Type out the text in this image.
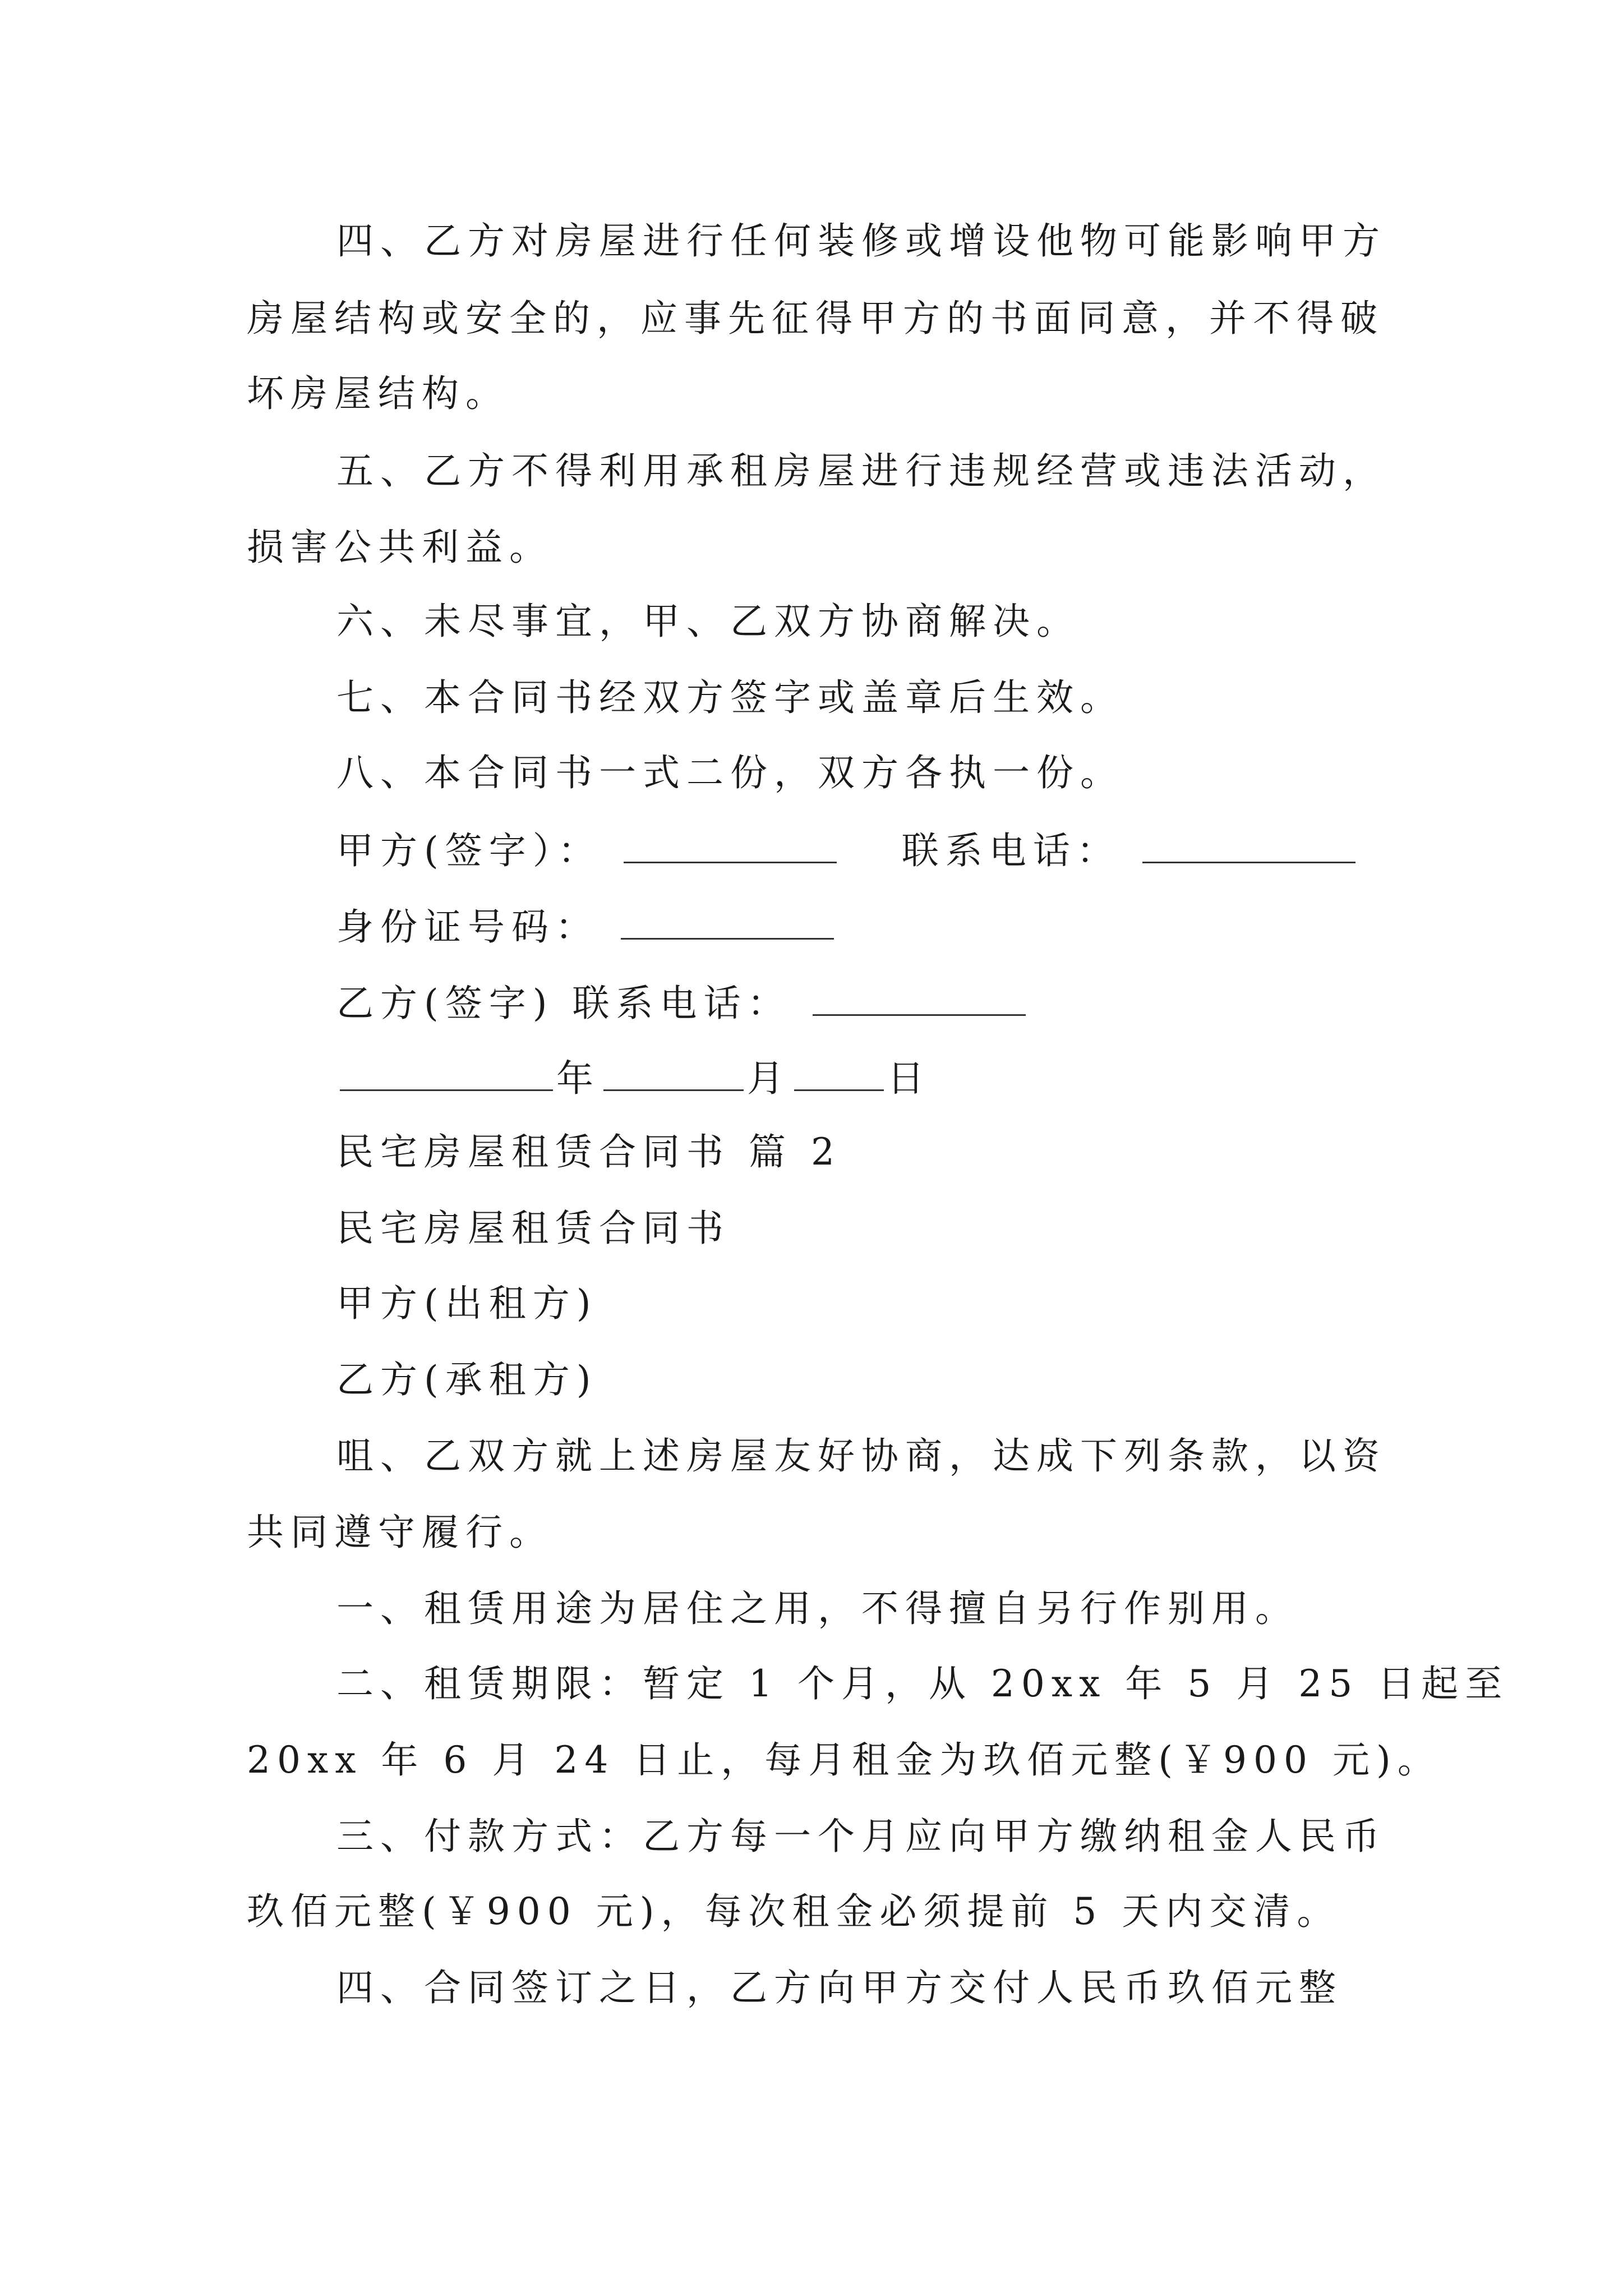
四、乙方对房屋进行任何装修或增设他物可能影响甲方
房屋结构或安全的，应事先征得甲方的书面同意，并不得破
坏房屋结构。
五、乙方不得利用承租房屋进行违规经营或违法活动，
损害公共利益。
六、未尽事宜，甲、乙双方协商解决。
七、本合同书经双方签字或盖章后生效。
八、本合同书一式二份，双方各执一份。
甲方(签字）：	联系电话：
身份证号码：
乙方(签字) 联系电话：
年	月	日
民宅房屋租赁合同书 篇 2
民宅房屋租赁合同书
甲方(出租方)
乙方(承租方)
咀、乙双方就上述房屋友好协商，达成下列条款，以资
共同遵守履行。
一、租赁用途为居住之用，不得擅自另行作别用。
二、租赁期限：暂定 1 个月，从 20xx 年 5 月 25 日起至
20xx 年 6 月 24 日止，每月租金为玖佰元整(￥900 元)。
三、付款方式：乙方每一个月应向甲方缴纳租金人民币
玖佰元整(￥900 元)，每次租金必须提前 5 天内交清。
四、合同签订之日，乙方向甲方交付人民币玖佰元整
